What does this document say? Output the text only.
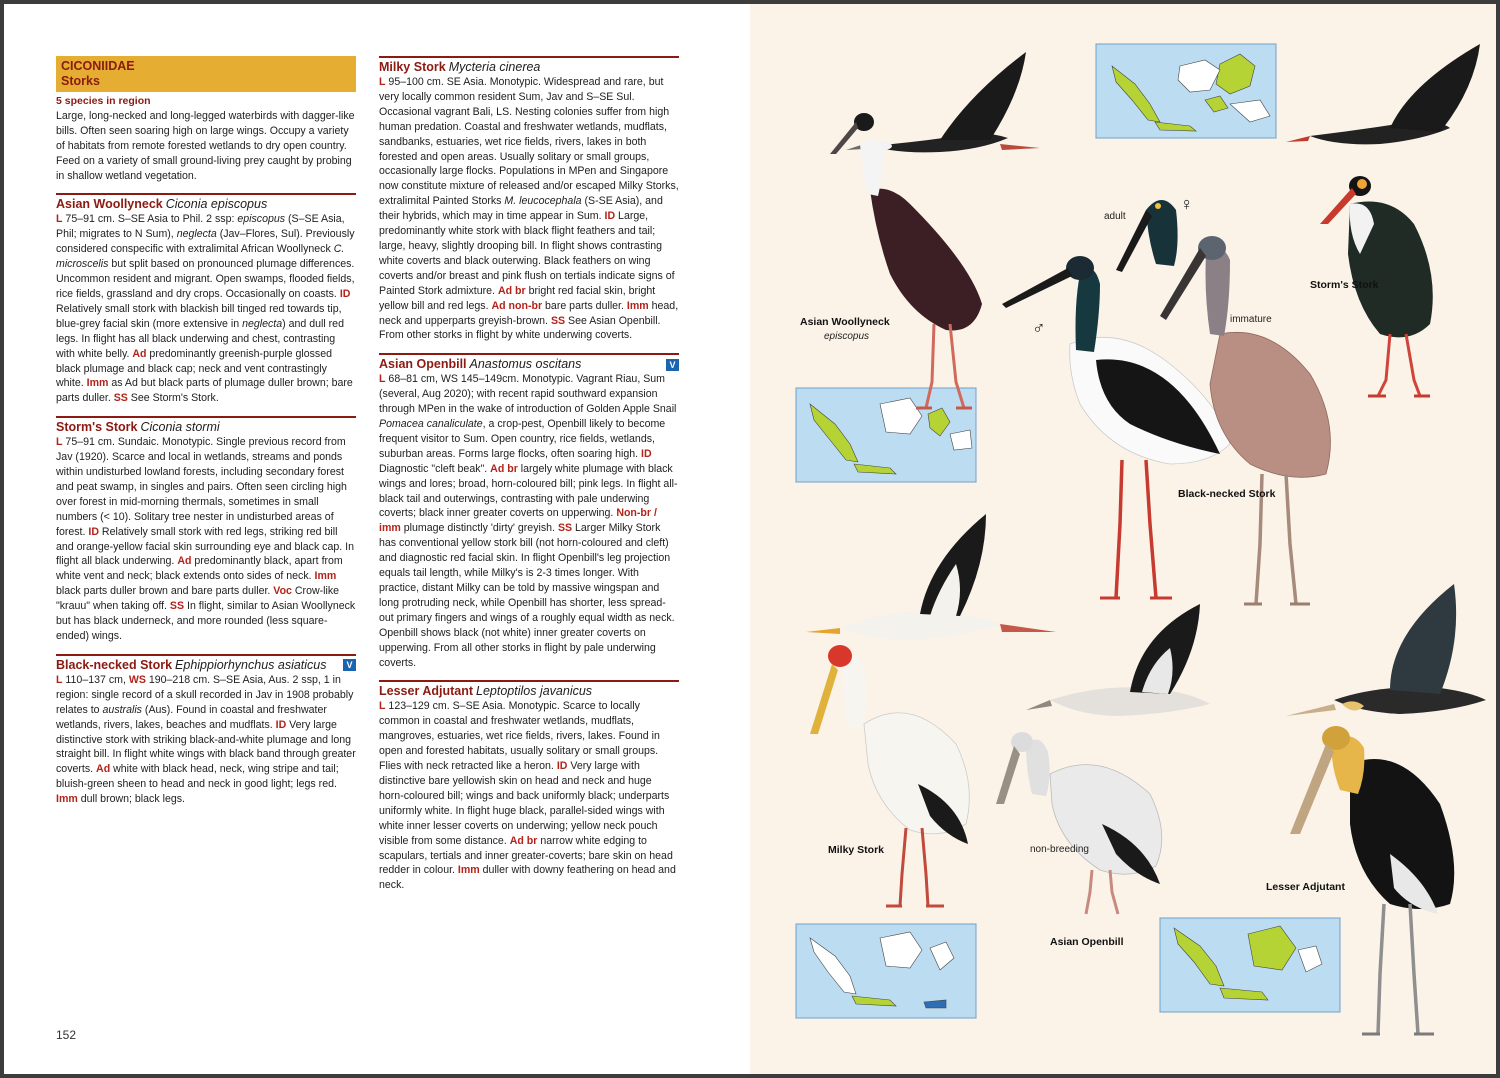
CICONIIDAE
Storks
5 species in region
Large, long-necked and long-legged waterbirds with dagger-like bills. Often seen soaring high on large wings. Occupy a variety of habitats from remote forested wetlands to dry open country. Feed on a variety of small ground-living prey caught by probing in shallow wetland vegetation.
Asian Woollyneck Ciconia episcopus
L 75–91 cm. S–SE Asia to Phil. 2 ssp: episcopus (S–SE Asia, Phil; migrates to N Sum), neglecta (Jav–Flores, Sul). Previously considered conspecific with extralimital African Woollyneck C. microscelis but split based on pronounced plumage differences. Uncommon resident and migrant. Open swamps, flooded fields, rice fields, grassland and dry crops. Occasionally on coasts. ID Relatively small stork with blackish bill tinged red towards tip, blue-grey facial skin (more extensive in neglecta) and dull red legs. In flight has all black underwing and chest, contrasting with white belly. Ad predominantly greenish-purple glossed black plumage and black cap; neck and vent contrastingly white. Imm as Ad but black parts of plumage duller brown; bare parts duller. SS See Storm's Stork.
Storm's Stork Ciconia stormi
L 75–91 cm. Sundaic. Monotypic. Single previous record from Jav (1920). Scarce and local in wetlands, streams and ponds within undisturbed lowland forests, including secondary forest and peat swamp, in singles and pairs. Often seen circling high over forest in mid-morning thermals, sometimes in small numbers (< 10). Solitary tree nester in undisturbed areas of forest. ID Relatively small stork with red legs, striking red bill and orange-yellow facial skin surrounding eye and black cap. In flight all black underwing. Ad predominantly black, apart from white vent and neck; black extends onto sides of neck. Imm black parts duller brown and bare parts duller. Voc Crow-like "krauu" when taking off. SS In flight, similar to Asian Woollyneck but has black underneck, and more rounded (less square-ended) wings.
Black-necked Stork Ephippiorhynchus asiaticus	V
L 110–137 cm, WS 190–218 cm. S–SE Asia, Aus. 2 ssp, 1 in region: single record of a skull recorded in Jav in 1908 probably relates to australis (Aus). Found in coastal and freshwater wetlands, rivers, lakes, beaches and mudflats. ID Very large distinctive stork with striking black-and-white plumage and long straight bill. In flight white wings with black band through greater coverts. Ad white with black head, neck, wing stripe and tail; bluish-green sheen to head and neck in good light; legs red. Imm dull brown; black legs.
Milky Stork Mycteria cinerea
L 95–100 cm. SE Asia. Monotypic. Widespread and rare, but very locally common resident Sum, Jav and S–SE Sul. Occasional vagrant Bali, LS. Nesting colonies suffer from high human predation. Coastal and freshwater wetlands, mudflats, sandbanks, estuaries, wet rice fields, rivers, lakes in both forested and open areas. Usually solitary or small groups, occasionally large flocks. Populations in MPen and Singapore now constitute mixture of released and/or escaped Milky Storks, extralimital Painted Storks M. leucocephala (S-SE Asia), and their hybrids, which may in time appear in Sum. ID Large, predominantly white stork with black flight feathers and tail; large, heavy, slightly drooping bill. In flight shows contrasting white coverts and black outerwing. Black feathers on wing coverts and/or breast and pink flush on tertials indicate signs of Painted Stork admixture. Ad br bright red facial skin, bright yellow bill and red legs. Ad non-br bare parts duller. Imm head, neck and upperparts greyish-brown. SS See Asian Openbill. From other storks in flight by white underwing coverts.
Asian Openbill Anastomus oscitans	V
L 68–81 cm, WS 145–149cm. Monotypic. Vagrant Riau, Sum (several, Aug 2020); with recent rapid southward expansion through MPen in the wake of introduction of Golden Apple Snail Pomacea canaliculate, a crop-pest, Openbill likely to become frequent visitor to Sum. Open country, rice fields, wetlands, suburban areas. Forms large flocks, often soaring high. ID Diagnostic "cleft beak". Ad br largely white plumage with black wings and lores; broad, horn-coloured bill; pink legs. In flight all-black tail and outerwings, contrasting with pale underwing coverts; black inner greater coverts on upperwing. Non-br / imm plumage distinctly 'dirty' greyish. SS Larger Milky Stork has conventional yellow stork bill (not horn-coloured and cleft) and diagnostic red facial skin. In flight Openbill's leg projection equals tail length, while Milky's is 2-3 times longer. With practice, distant Milky can be told by massive wingspan and long protruding neck, while Openbill has shorter, less spread-out primary fingers and wings of a roughly equal width as neck. Openbill shows black (not white) inner greater coverts on upperwing. From all other storks in flight by pale underwing coverts.
Lesser Adjutant Leptoptilos javanicus
L 123–129 cm. S–SE Asia. Monotypic. Scarce to locally common in coastal and freshwater wetlands, mudflats, mangroves, estuaries, wet rice fields, rivers, lakes. Found in open and forested habitats, usually solitary or small groups. Flies with neck retracted like a heron. ID Very large with distinctive bare yellowish skin on head and neck and huge horn-coloured bill; wings and back uniformly black; underparts uniformly white. In flight huge black, parallel-sided wings with white inner lesser coverts on underwing; yellow neck pouch visible from some distance. Ad br narrow white edging to scapulars, tertials and inner greater-coverts; bare skin on head redder in colour. Imm duller with downy feathering on head and neck.
152
Asian Woollyneck
episcopus
Storm's Stork
adult
♀
♂	immature
Black-necked Stork
Milky Stork	non-breeding
Asian Openbill
Lesser Adjutant
